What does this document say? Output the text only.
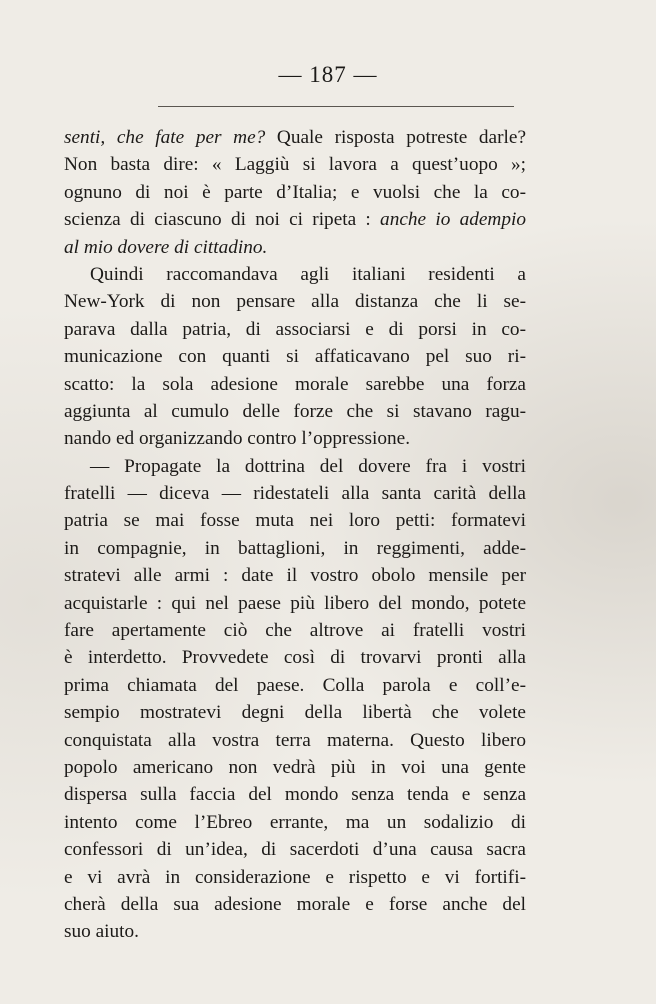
— 187 —
senti, che fate per me? Quale risposta potreste darle?
Non basta dire: « Laggiù si lavora a quest’uopo »;
ognuno di noi è parte d’Italia; e vuolsi che la co-
scienza di ciascuno di noi ci ripeta : anche io adempio
al mio dovere di cittadino.
Quindi raccomandava agli italiani residenti a
New-York di non pensare alla distanza che li se-
parava dalla patria, di associarsi e di porsi in co-
municazione con quanti si affaticavano pel suo ri-
scatto: la sola adesione morale sarebbe una forza
aggiunta al cumulo delle forze che si stavano ragu-
nando ed organizzando contro l’oppressione.
— Propagate la dottrina del dovere fra i vostri
fratelli — diceva — ridestateli alla santa carità della
patria se mai fosse muta nei loro petti: formatevi
in compagnie, in battaglioni, in reggimenti, adde-
stratevi alle armi : date il vostro obolo mensile per
acquistarle : qui nel paese più libero del mondo, potete
fare apertamente ciò che altrove ai fratelli vostri
è interdetto. Provvedete così di trovarvi pronti alla
prima chiamata del paese. Colla parola e coll’e-
sempio mostratevi degni della libertà che volete
conquistata alla vostra terra materna. Questo libero
popolo americano non vedrà più in voi una gente
dispersa sulla faccia del mondo senza tenda e senza
intento come l’Ebreo errante, ma un sodalizio di
confessori di un’idea, di sacerdoti d’una causa sacra
e vi avrà in considerazione e rispetto e vi fortifi-
cherà della sua adesione morale e forse anche del
suo aiuto.
